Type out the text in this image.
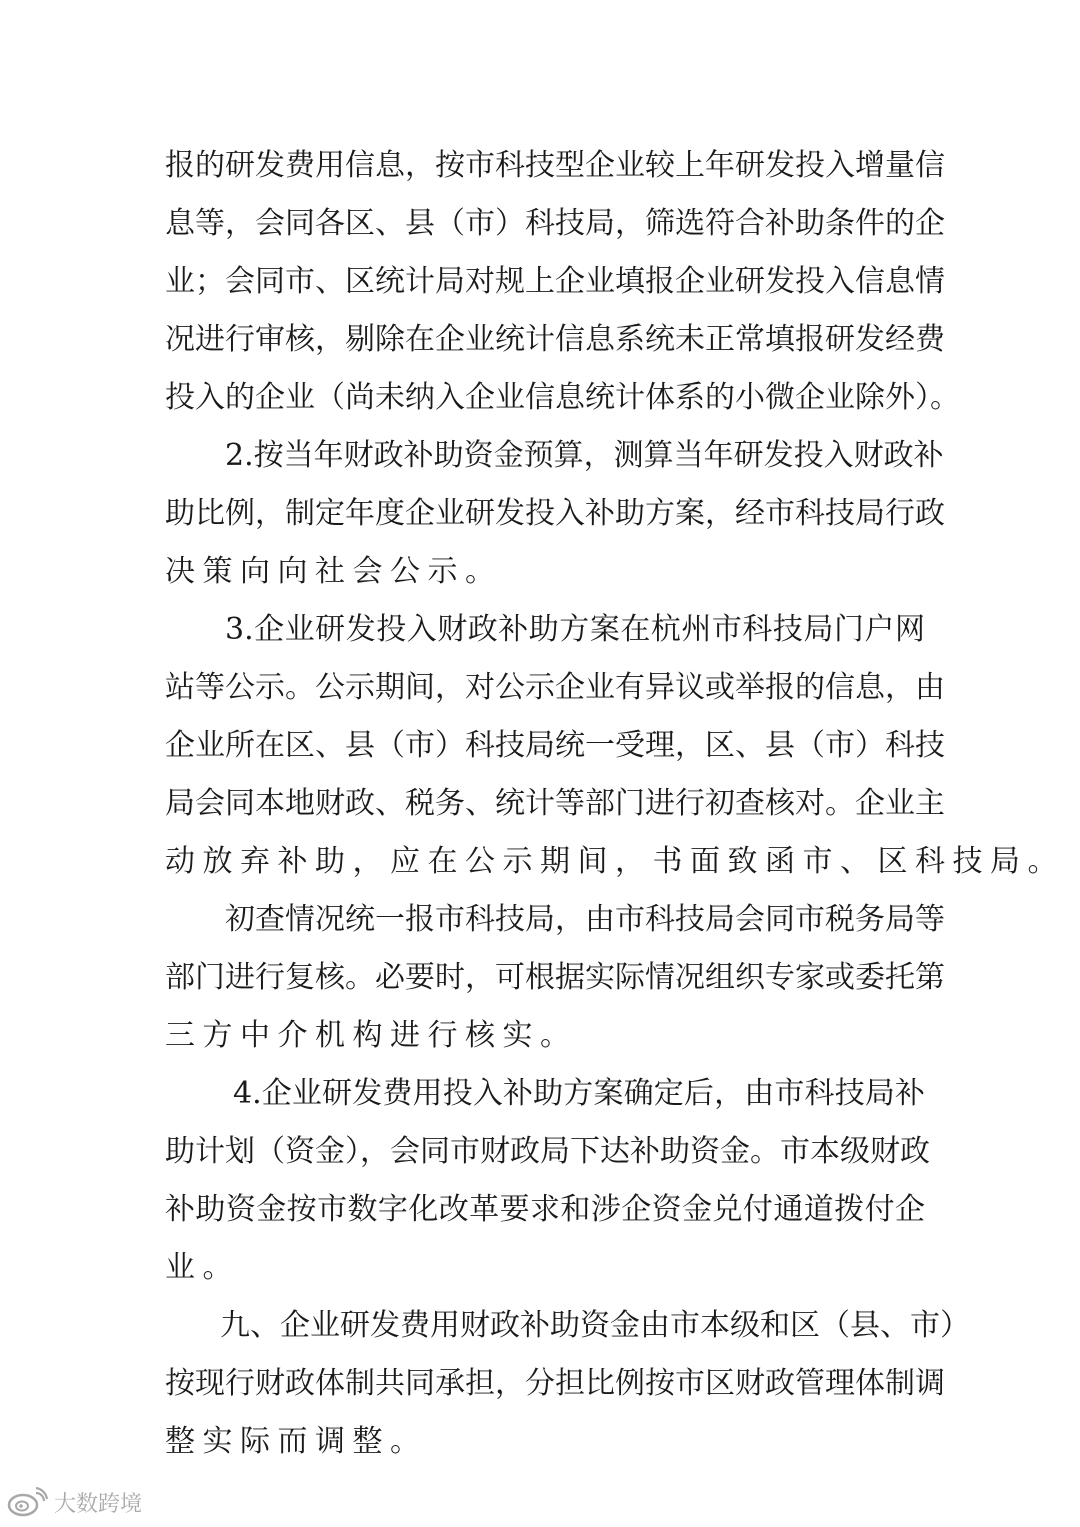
报的研发费用信息，按市科技型企业较上年研发投入增量信
息等，会同各区、县（市）科技局，筛选符合补助条件的企
业；会同市、区统计局对规上企业填报企业研发投入信息情
况进行审核，剔除在企业统计信息系统未正常填报研发经费
投入的企业（尚未纳入企业信息统计体系的小微企业除外）。
2.按当年财政补助资金预算，测算当年研发投入财政补
助比例，制定年度企业研发投入补助方案，经市科技局行政
决策向向社会公示。
3.企业研发投入财政补助方案在杭州市科技局门户网
站等公示。公示期间，对公示企业有异议或举报的信息，由
企业所在区、县（市）科技局统一受理，区、县（市）科技
局会同本地财政、税务、统计等部门进行初查核对。企业主
动放弃补助，应在公示期间，书面致函市、区科技局。
初查情况统一报市科技局，由市科技局会同市税务局等
部门进行复核。必要时，可根据实际情况组织专家或委托第
三方中介机构进行核实。
4.企业研发费用投入补助方案确定后，由市科技局补
助计划（资金），会同市财政局下达补助资金。市本级财政
补助资金按市数字化改革要求和涉企资金兑付通道拨付企
业。
九、企业研发费用财政补助资金由市本级和区（县、市）
按现行财政体制共同承担，分担比例按市区财政管理体制调
整实际而调整。
大数跨境
